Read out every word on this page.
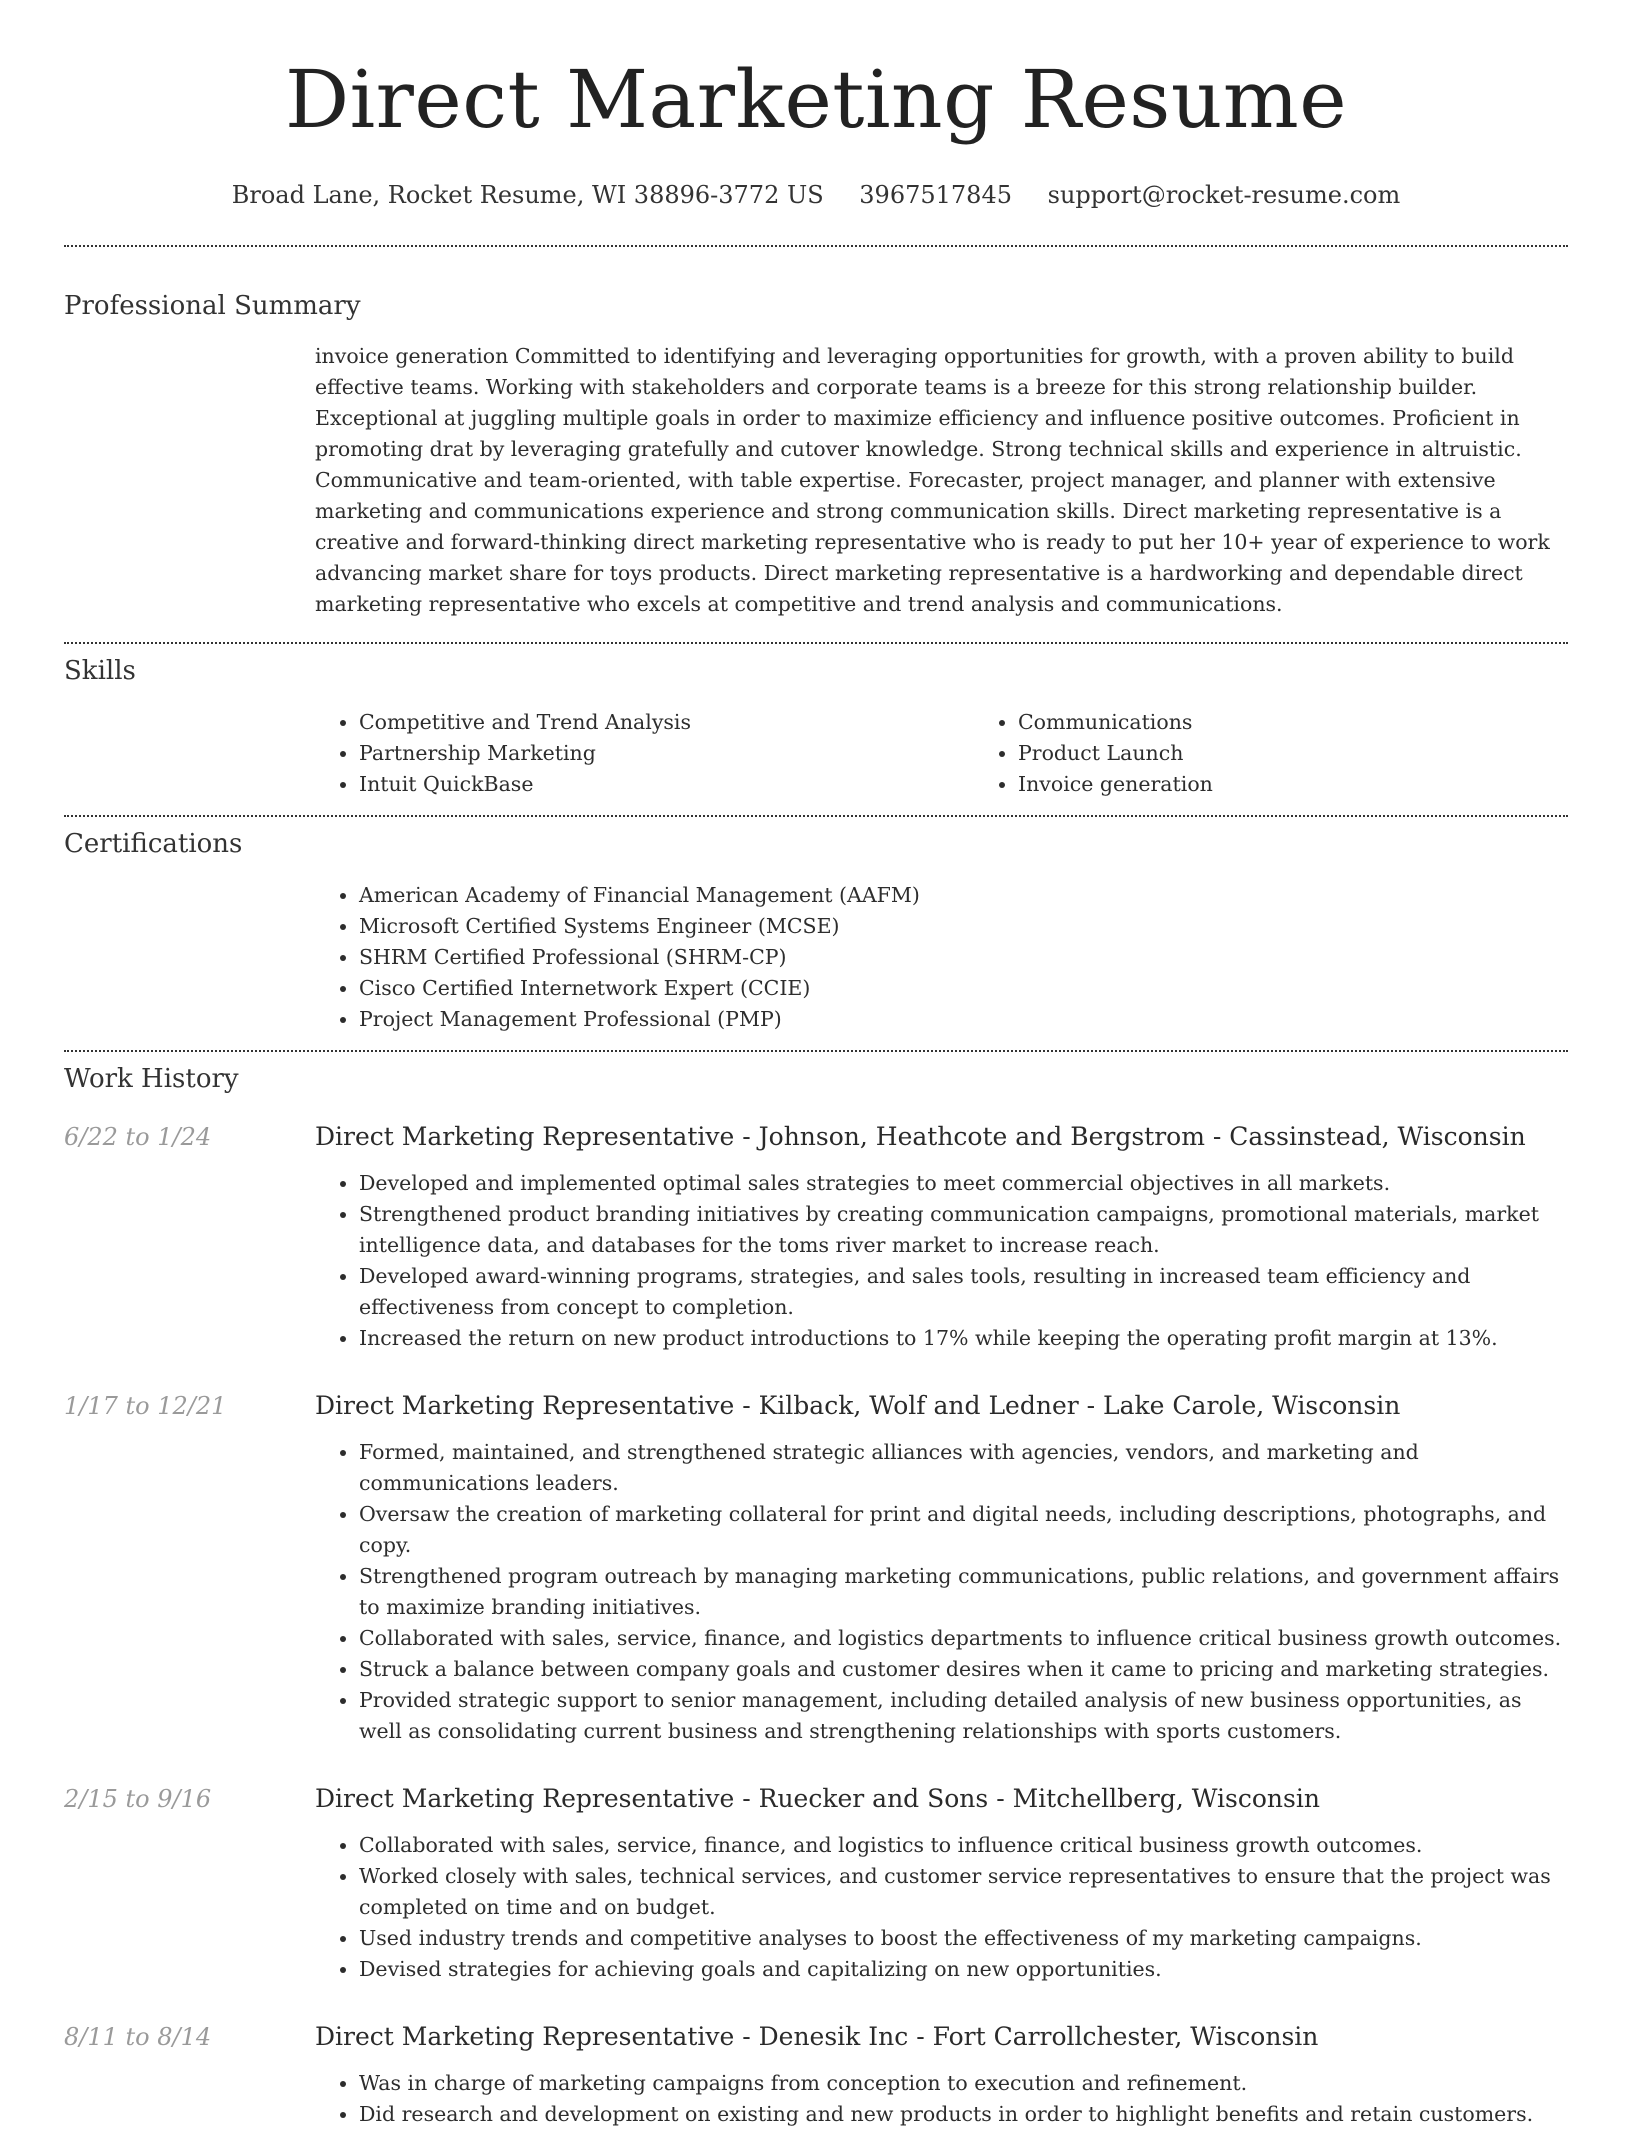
Direct Marketing Resume
Broad Lane, Rocket Resume, WI 38896-3772 US 3967517845 support@rocket-resume.com
Professional Summary

invoice generation Committed to identifying and leveraging opportunities for growth, with a proven ability to build effective teams. Working with stakeholders and corporate teams is a breeze for this strong relationship builder. Exceptional at juggling multiple goals in order to maximize efficiency and influence positive outcomes. Proficient in promoting drat by leveraging gratefully and cutover knowledge. Strong technical skills and experience in altruistic. Communicative and team-oriented, with table expertise. Forecaster, project manager, and planner with extensive marketing and communications experience and strong communication skills. Direct marketing representative is a creative and forward-thinking direct marketing representative who is ready to put her 10+ year of experience to work advancing market share for toys products. Direct marketing representative is a hardworking and dependable direct marketing representative who excels at competitive and trend analysis and communications.

Skills
• Competitive and Trend Analysis
• Partnership Marketing
• Intuit QuickBase
• Communications
• Product Launch
• Invoice generation
Certifications
• American Academy of Financial Management (AAFM)
• Microsoft Certified Systems Engineer (MCSE)
• SHRM Certified Professional (SHRM-CP)
• Cisco Certified Internetwork Expert (CCIE)
• Project Management Professional (PMP)
Work History
6/22 to 1/24	Direct Marketing Representative - Johnson, Heathcote and Bergstrom - Cassinstead, Wisconsin
• Developed and implemented optimal sales strategies to meet commercial objectives in all markets.
• Strengthened product branding initiatives by creating communication campaigns, promotional materials, market intelligence data, and databases for the toms river market to increase reach.
• Developed award-winning programs, strategies, and sales tools, resulting in increased team efficiency and effectiveness from concept to completion.
• Increased the return on new product introductions to 17% while keeping the operating profit margin at 13%.
1/17 to 12/21	Direct Marketing Representative - Kilback, Wolf and Ledner - Lake Carole, Wisconsin
• Formed, maintained, and strengthened strategic alliances with agencies, vendors, and marketing and communications leaders.
• Oversaw the creation of marketing collateral for print and digital needs, including descriptions, photographs, and copy.
• Strengthened program outreach by managing marketing communications, public relations, and government affairs to maximize branding initiatives.
• Collaborated with sales, service, finance, and logistics departments to influence critical business growth outcomes.
• Struck a balance between company goals and customer desires when it came to pricing and marketing strategies.
• Provided strategic support to senior management, including detailed analysis of new business opportunities, as well as consolidating current business and strengthening relationships with sports customers.
2/15 to 9/16	Direct Marketing Representative - Ruecker and Sons - Mitchellberg, Wisconsin
• Collaborated with sales, service, finance, and logistics to influence critical business growth outcomes.
• Worked closely with sales, technical services, and customer service representatives to ensure that the project was completed on time and on budget.
• Used industry trends and competitive analyses to boost the effectiveness of my marketing campaigns.
• Devised strategies for achieving goals and capitalizing on new opportunities.
8/11 to 8/14	Direct Marketing Representative - Denesik Inc - Fort Carrollchester, Wisconsin
• Was in charge of marketing campaigns from conception to execution and refinement.
• Did research and development on existing and new products in order to highlight benefits and retain customers.
